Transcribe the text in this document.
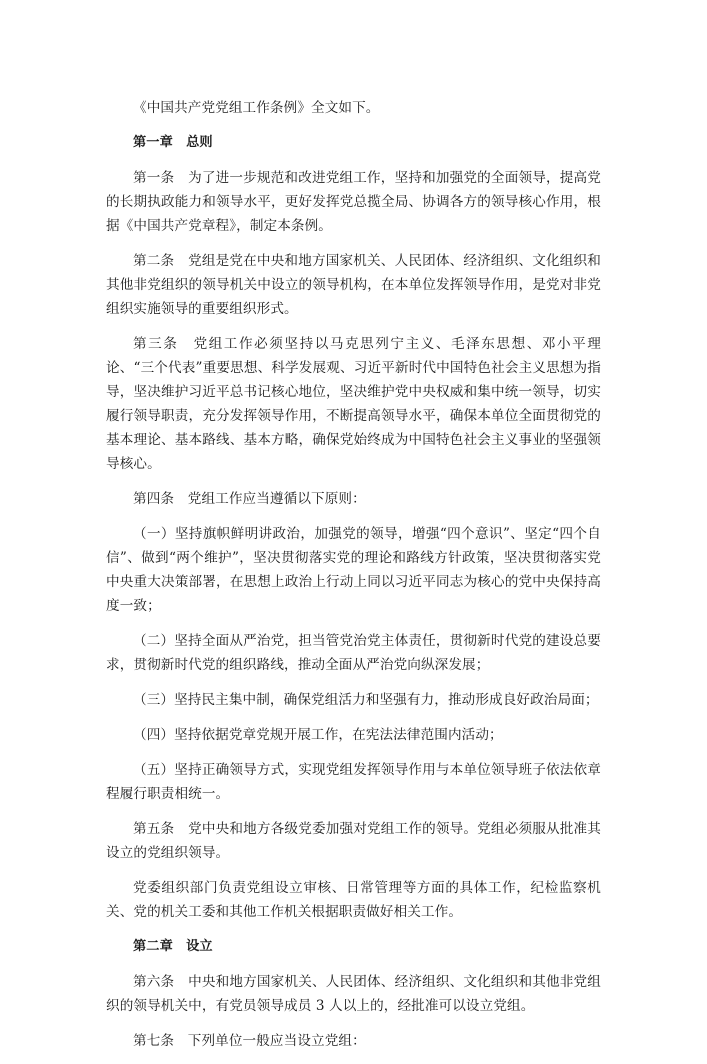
《中国共产党党组工作条例》全文如下。

第一章　总则

第一条　为了进一步规范和改进党组工作，坚持和加强党的全面领导，提高党的长期执政能力和领导水平，更好发挥党总揽全局、协调各方的领导核心作用，根据《中国共产党章程》，制定本条例。

第二条　党组是党在中央和地方国家机关、人民团体、经济组织、文化组织和其他非党组织的领导机关中设立的领导机构，在本单位发挥领导作用，是党对非党组织实施领导的重要组织形式。

第三条　党组工作必须坚持以马克思列宁主义、毛泽东思想、邓小平理论、“三个代表”重要思想、科学发展观、习近平新时代中国特色社会主义思想为指导，坚决维护习近平总书记核心地位，坚决维护党中央权威和集中统一领导，切实履行领导职责，充分发挥领导作用，不断提高领导水平，确保本单位全面贯彻党的基本理论、基本路线、基本方略，确保党始终成为中国特色社会主义事业的坚强领导核心。

第四条　党组工作应当遵循以下原则：

（一）坚持旗帜鲜明讲政治，加强党的领导，增强“四个意识”、坚定“四个自信”、做到“两个维护”，坚决贯彻落实党的理论和路线方针政策，坚决贯彻落实党中央重大决策部署，在思想上政治上行动上同以习近平同志为核心的党中央保持高度一致；

（二）坚持全面从严治党，担当管党治党主体责任，贯彻新时代党的建设总要求，贯彻新时代党的组织路线，推动全面从严治党向纵深发展；

（三）坚持民主集中制，确保党组活力和坚强有力，推动形成良好政治局面；

（四）坚持依据党章党规开展工作，在宪法法律范围内活动；

（五）坚持正确领导方式，实现党组发挥领导作用与本单位领导班子依法依章程履行职责相统一。

第五条　党中央和地方各级党委加强对党组工作的领导。党组必须服从批准其设立的党组织领导。

党委组织部门负责党组设立审核、日常管理等方面的具体工作，纪检监察机关、党的机关工委和其他工作机关根据职责做好相关工作。

第二章　设立

第六条　中央和地方国家机关、人民团体、经济组织、文化组织和其他非党组织的领导机关中，有党员领导成员 3 人以上的，经批准可以设立党组。

第七条　下列单位一般应当设立党组：
